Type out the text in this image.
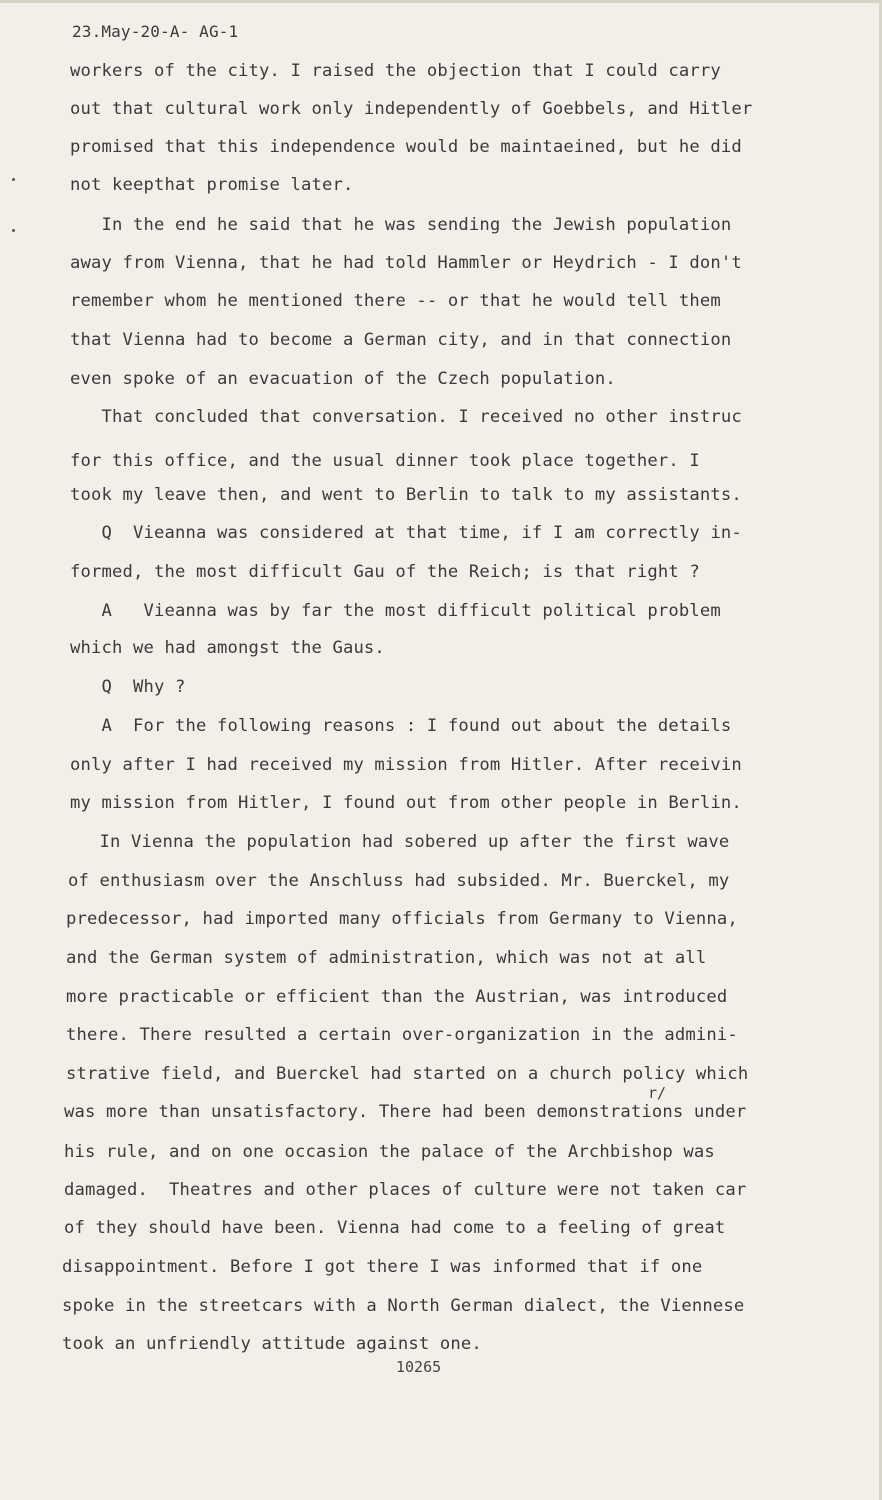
23.May-20-A- AG-1

workers of the city. I raised the objection that I could carry

out that cultural work only independently of Goebbels, and Hitler

promised that this independence would be maintaeined, but he did

not keepthat promise later.

In the end he said that he was sending the Jewish population

away from Vienna, that he had told Hammler or Heydrich - I don't

remember whom he mentioned there -- or that he would tell them

that Vienna had to become a German city, and in that connection

even spoke of an evacuation of the Czech population.

That concluded that conversation. I received no other instruc

for this office, and the usual dinner took place together. I

took my leave then, and went to Berlin to talk to my assistants.

Q  Vieanna was considered at that time, if I am correctly in-

formed, the most difficult Gau of the Reich; is that right ?

A   Vieanna was by far the most difficult political problem

which we had amongst the Gaus.

Q  Why ?

A  For the following reasons : I found out about the details

only after I had received my mission from Hitler. After receivin

my mission from Hitler, I found out from other people in Berlin.

In Vienna the population had sobered up after the first wave

of enthusiasm over the Anschluss had subsided. Mr. Buerckel, my

predecessor, had imported many officials from Germany to Vienna,

and the German system of administration, which was not at all

more practicable or efficient than the Austrian, was introduced

there. There resulted a certain over-organization in the admini-

strative field, and Buerckel had started on a church policy which

r/

was more than unsatisfactory. There had been demonstrations under

his rule, and on one occasion the palace of the Archbishop was

damaged.  Theatres and other places of culture were not taken car

of they should have been. Vienna had come to a feeling of great

disappointment. Before I got there I was informed that if one

spoke in the streetcars with a North German dialect, the Viennese

took an unfriendly attitude against one.

10265
